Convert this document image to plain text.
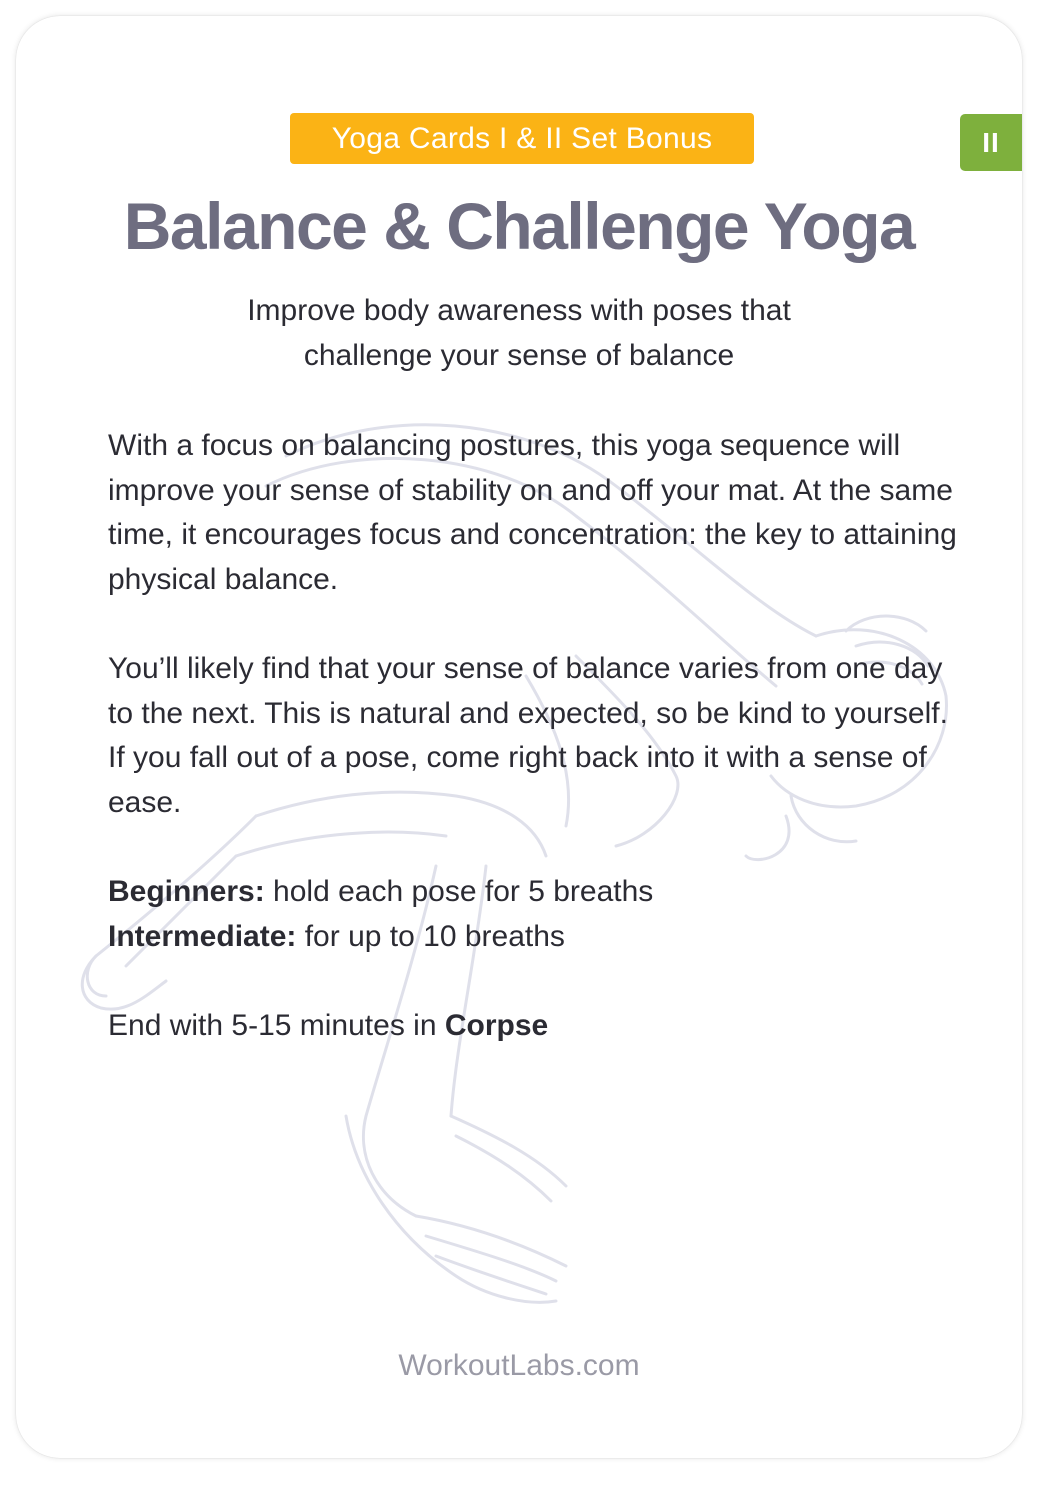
Yoga Cards I & II Set Bonus	II
Balance & Challenge Yoga

Improve body awareness with poses that
challenge your sense of balance

With a focus on balancing postures, this yoga sequence will improve your sense of stability on and off your mat. At the same time, it encourages focus and concentration: the key to attaining physical balance.

You’ll likely find that your sense of balance varies from one day to the next. This is natural and expected, so be kind to yourself. If you fall out of a pose, come right back into it with a sense of ease.

Beginners: hold each pose for 5 breaths
Intermediate: for up to 10 breaths

End with 5-15 minutes in Corpse

WorkoutLabs.com
